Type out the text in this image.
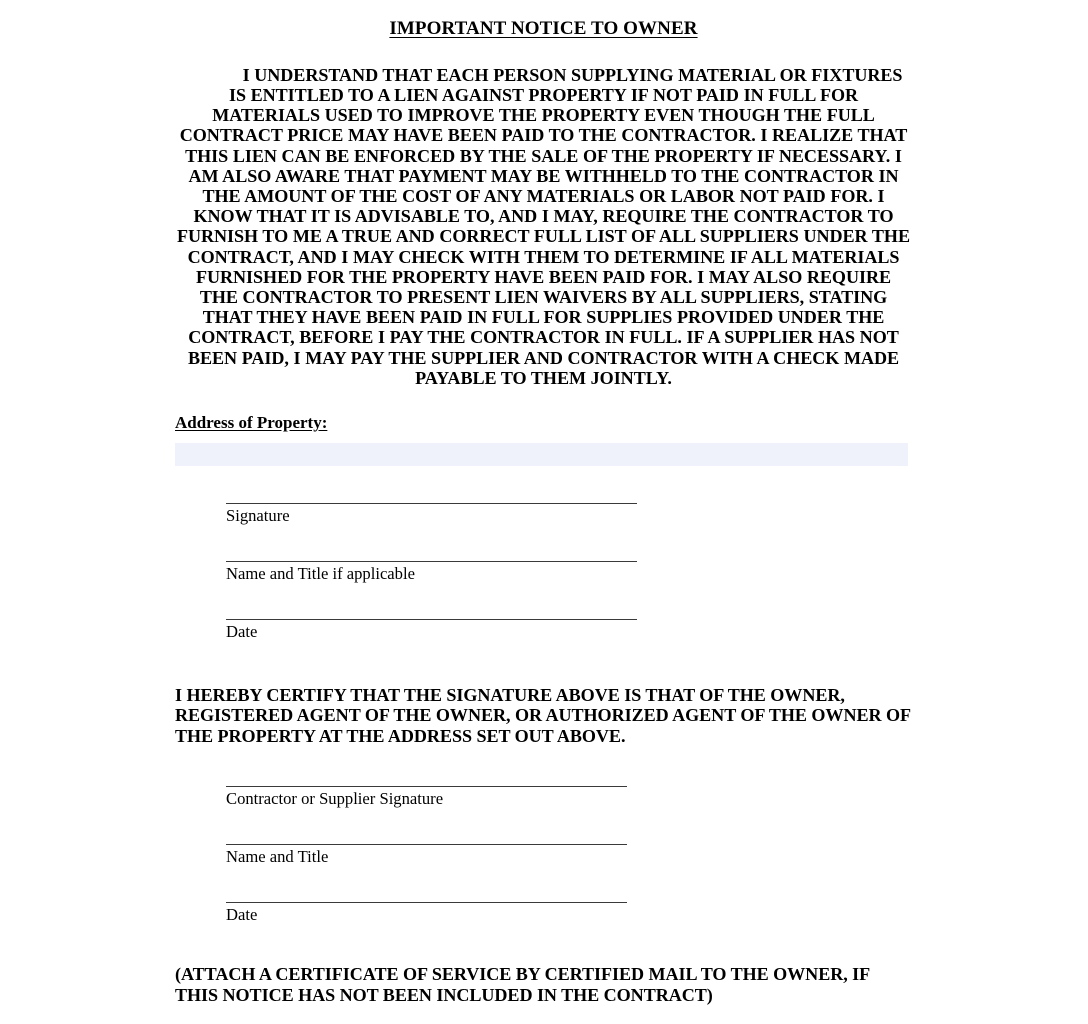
IMPORTANT NOTICE TO OWNER

I UNDERSTAND THAT EACH PERSON SUPPLYING MATERIAL OR FIXTURES IS ENTITLED TO A LIEN AGAINST PROPERTY IF NOT PAID IN FULL FOR MATERIALS USED TO IMPROVE THE PROPERTY EVEN THOUGH THE FULL CONTRACT PRICE MAY HAVE BEEN PAID TO THE CONTRACTOR. I REALIZE THAT THIS LIEN CAN BE ENFORCED BY THE SALE OF THE PROPERTY IF NECESSARY. I AM ALSO AWARE THAT PAYMENT MAY BE WITHHELD TO THE CONTRACTOR IN THE AMOUNT OF THE COST OF ANY MATERIALS OR LABOR NOT PAID FOR. I KNOW THAT IT IS ADVISABLE TO, AND I MAY, REQUIRE THE CONTRACTOR TO FURNISH TO ME A TRUE AND CORRECT FULL LIST OF ALL SUPPLIERS UNDER THE CONTRACT, AND I MAY CHECK WITH THEM TO DETERMINE IF ALL MATERIALS FURNISHED FOR THE PROPERTY HAVE BEEN PAID FOR. I MAY ALSO REQUIRE THE CONTRACTOR TO PRESENT LIEN WAIVERS BY ALL SUPPLIERS, STATING THAT THEY HAVE BEEN PAID IN FULL FOR SUPPLIES PROVIDED UNDER THE CONTRACT, BEFORE I PAY THE CONTRACTOR IN FULL. IF A SUPPLIER HAS NOT BEEN PAID, I MAY PAY THE SUPPLIER AND CONTRACTOR WITH A CHECK MADE PAYABLE TO THEM JOINTLY.

Address of Property:
Signature
Name and Title if applicable
Date

I HEREBY CERTIFY THAT THE SIGNATURE ABOVE IS THAT OF THE OWNER, REGISTERED AGENT OF THE OWNER, OR AUTHORIZED AGENT OF THE OWNER OF THE PROPERTY AT THE ADDRESS SET OUT ABOVE.

Contractor or Supplier Signature
Name and Title
Date

(ATTACH A CERTIFICATE OF SERVICE BY CERTIFIED MAIL TO THE OWNER, IF THIS NOTICE HAS NOT BEEN INCLUDED IN THE CONTRACT)
